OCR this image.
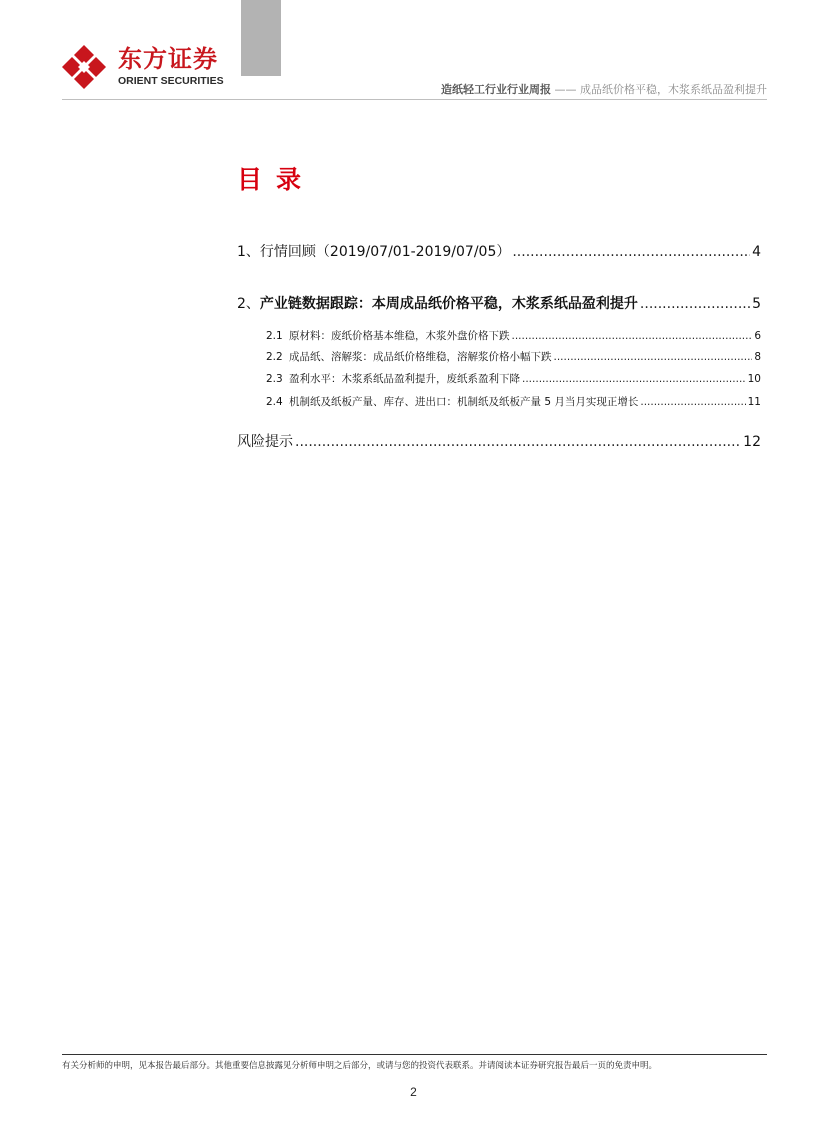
东方证券
ORIENT SECURITIES
造纸轻工行业行业周报 —— 成品纸价格平稳，木浆系纸品盈利提升
目录
1、 行情回顾（2019/07/01-2019/07/05） .....	4
2、 产业链数据跟踪：本周成品纸价格平稳，木浆系纸品盈利提升 .....	5
2.1 原材料：废纸价格基本维稳，木浆外盘价格下跌 .....	6
2.2 成品纸、溶解浆：成品纸价格维稳，溶解浆价格小幅下跌 .....	8
2.3 盈利水平：木浆系纸品盈利提升，废纸系盈利下降 .....	10
2.4 机制纸及纸板产量、库存、进出口：机制纸及纸板产量 5 月当月实现正增长 .....	11
风险提示 .....	12
有关分析师的申明，见本报告最后部分。其他重要信息披露见分析师申明之后部分，或请与您的投资代表联系。并请阅读本证券研究报告最后一页的免责申明。
2
